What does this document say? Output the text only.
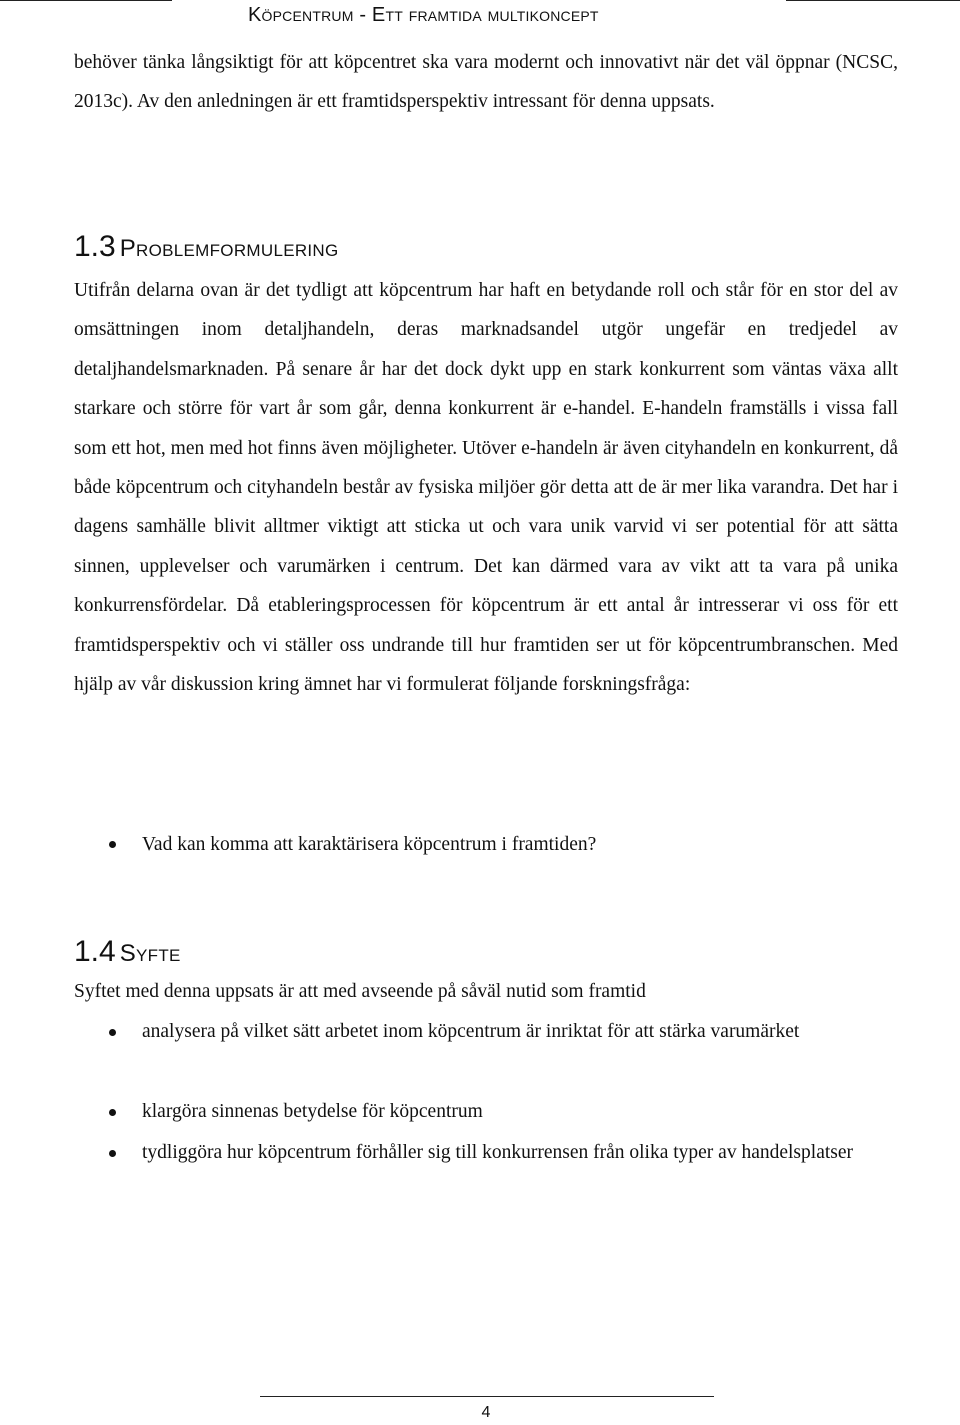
Köpcentrum - Ett framtida multikoncept

behöver tänka långsiktigt för att köpcentret ska vara modernt och innovativt när det väl öppnar (NCSC, 2013c). Av den anledningen är ett framtidsperspektiv intressant för denna uppsats.

1.3 Problemformulering

Utifrån delarna ovan är det tydligt att köpcentrum har haft en betydande roll och står för en stor del av omsättningen inom detaljhandeln, deras marknadsandel utgör ungefär en tredjedel av detaljhandelsmarknaden. På senare år har det dock dykt upp en stark konkurrent som väntas växa allt starkare och större för vart år som går, denna konkurrent är e-handel. E-handeln framställs i vissa fall som ett hot, men med hot finns även möjligheter. Utöver e-handeln är även cityhandeln en konkurrent, då både köpcentrum och cityhandeln består av fysiska miljöer gör detta att de är mer lika varandra. Det har i dagens samhälle blivit alltmer viktigt att sticka ut och vara unik varvid vi ser potential för att sätta sinnen, upplevelser och varumärken i centrum. Det kan därmed vara av vikt att ta vara på unika konkurrensfördelar. Då etableringsprocessen för köpcentrum är ett antal år intresserar vi oss för ett framtidsperspektiv och vi ställer oss undrande till hur framtiden ser ut för köpcentrumbranschen. Med hjälp av vår diskussion kring ämnet har vi formulerat följande forskningsfråga:

Vad kan komma att karaktärisera köpcentrum i framtiden?

1.4 Syfte

Syftet med denna uppsats är att med avseende på såväl nutid som framtid

analysera på vilket sätt arbetet inom köpcentrum är inriktat för att stärka varumärket

klargöra sinnenas betydelse för köpcentrum

tydliggöra hur köpcentrum förhåller sig till konkurrensen från olika typer av handelsplatser

4
